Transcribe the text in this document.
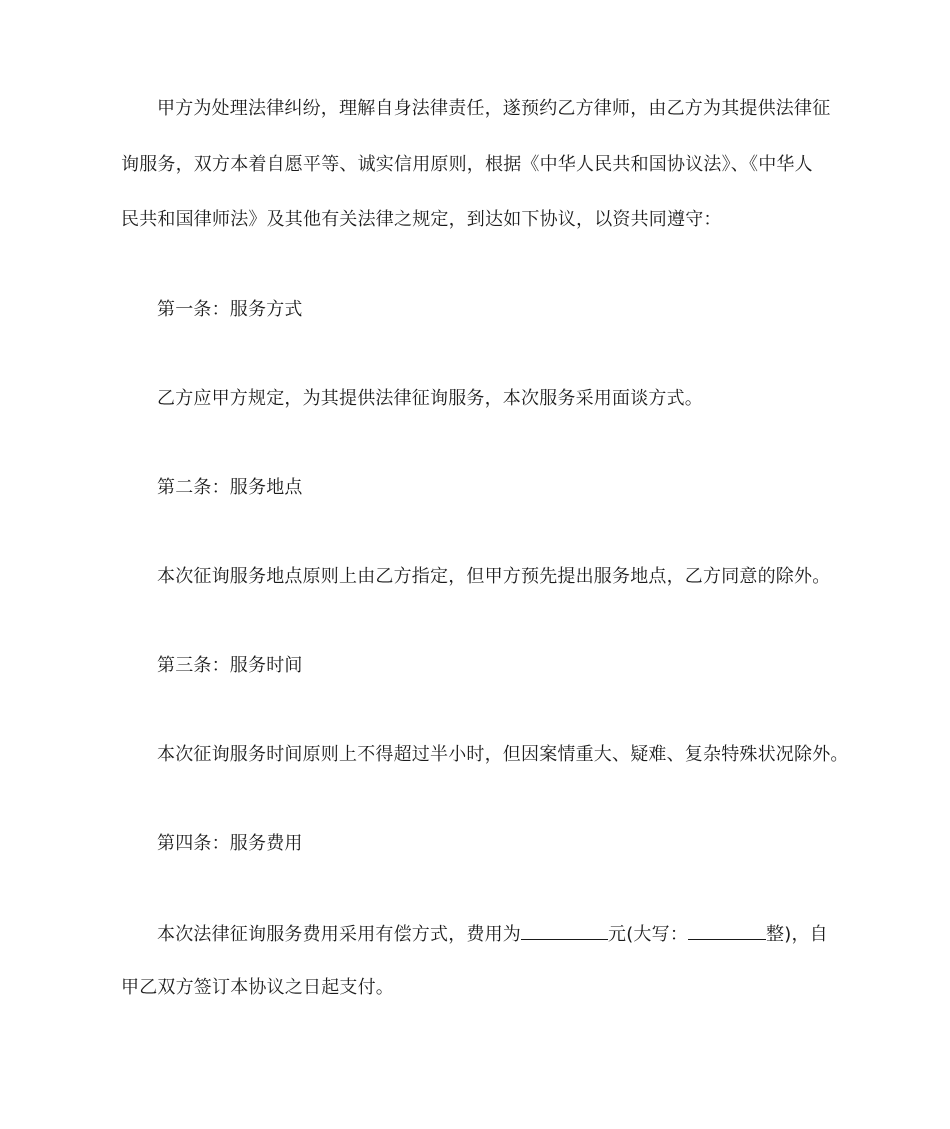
甲方为处理法律纠纷，理解自身法律责任，遂预约乙方律师，由乙方为其提供法律征
询服务，双方本着自愿平等、诚实信用原则，根据《中华人民共和国协议法》、《中华人
民共和国律师法》及其他有关法律之规定，到达如下协议，以资共同遵守：
第一条：服务方式
乙方应甲方规定，为其提供法律征询服务，本次服务采用面谈方式。
第二条：服务地点
本次征询服务地点原则上由乙方指定，但甲方预先提出服务地点，乙方同意的除外。
第三条：服务时间
本次征询服务时间原则上不得超过半小时，但因案情重大、疑难、复杂特殊状况除外。
第四条：服务费用
本次法律征询服务费用采用有偿方式，费用为	元(大写：	整)，自
甲乙双方签订本协议之日起支付。
